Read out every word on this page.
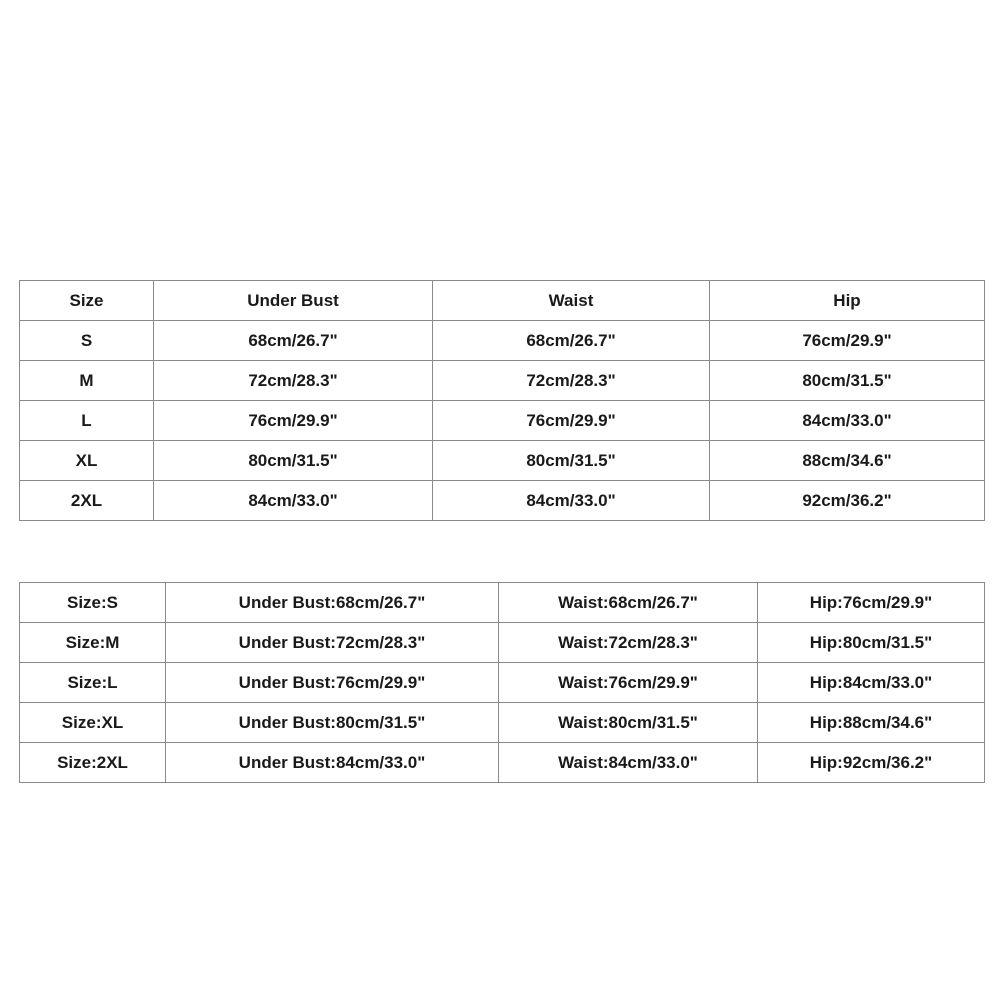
Size	Under Bust	Waist	Hip
S	68cm/26.7"	68cm/26.7"	76cm/29.9"
M	72cm/28.3"	72cm/28.3"	80cm/31.5"
L	76cm/29.9"	76cm/29.9"	84cm/33.0"
XL	80cm/31.5"	80cm/31.5"	88cm/34.6"
2XL	84cm/33.0"	84cm/33.0"	92cm/36.2"
Size:S	Under Bust:68cm/26.7"	Waist:68cm/26.7"	Hip:76cm/29.9"
Size:M	Under Bust:72cm/28.3"	Waist:72cm/28.3"	Hip:80cm/31.5"
Size:L	Under Bust:76cm/29.9"	Waist:76cm/29.9"	Hip:84cm/33.0"
Size:XL	Under Bust:80cm/31.5"	Waist:80cm/31.5"	Hip:88cm/34.6"
Size:2XL	Under Bust:84cm/33.0"	Waist:84cm/33.0"	Hip:92cm/36.2"
